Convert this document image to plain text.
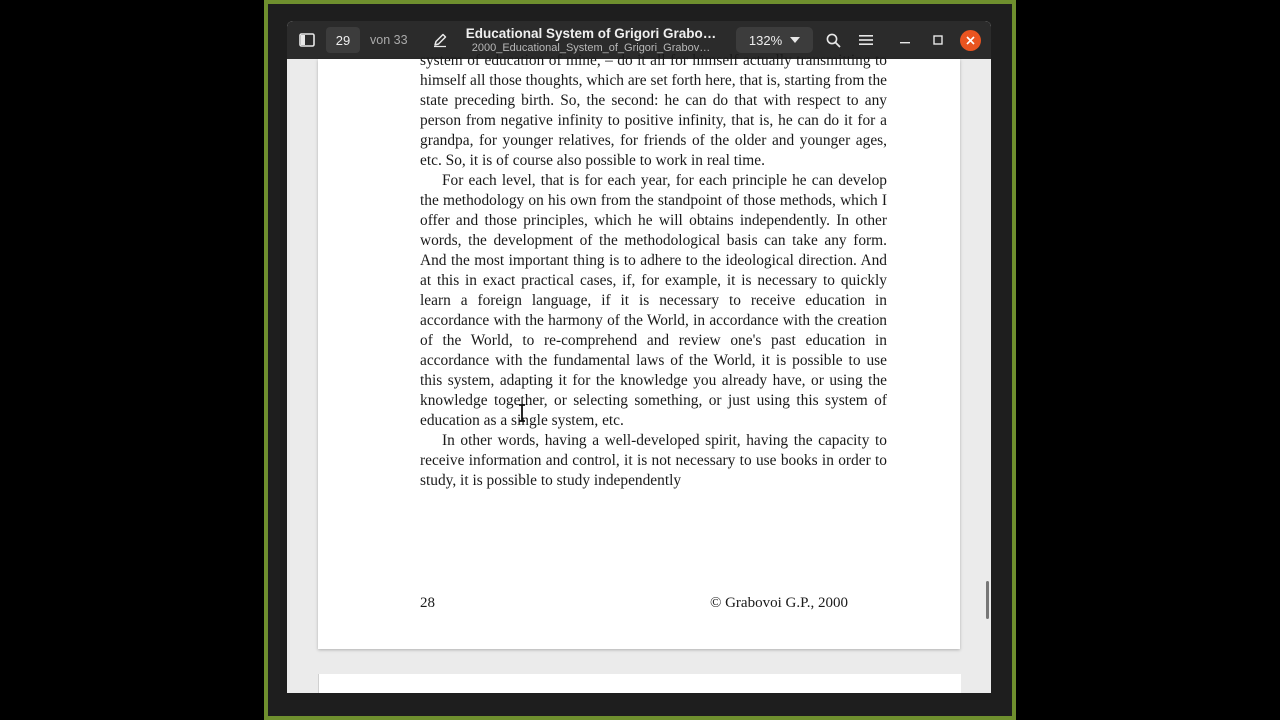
29	von 33	Educational System of Grigori Grabo…
2000_Educational_System_of_Grigori_Grabov…
132%

system of education of mine, – do it all for himself actually transmitting to himself all those thoughts, which are set forth here, that is, starting from the state preceding birth. So, the second: he can do that with respect to any person from negative infinity to positive infinity, that is, he can do it for a grandpa, for younger relatives, for friends of the older and younger ages, etc. So, it is of course also possible to work in real time.

For each level, that is for each year, for each principle he can develop the methodology on his own from the standpoint of those methods, which I offer and those principles, which he will obtains independently. In other words, the development of the methodological basis can take any form. And the most important thing is to adhere to the ideological direction. And at this in exact practical cases, if, for example, it is necessary to quickly learn a foreign language, if it is necessary to receive education in accordance with the harmony of the World, in accordance with the creation of the World, to re-comprehend and review one's past education in accordance with the fundamental laws of the World, it is possible to use this system, adapting it for the knowledge you already have, or using the knowledge together, or selecting something, or just using this system of education as a single system, etc.

In other words, having a well-developed spirit, having the capacity to receive information and control, it is not necessary to use books in order to study, it is possible to study independently

28	© Grabovoi G.P., 2000
